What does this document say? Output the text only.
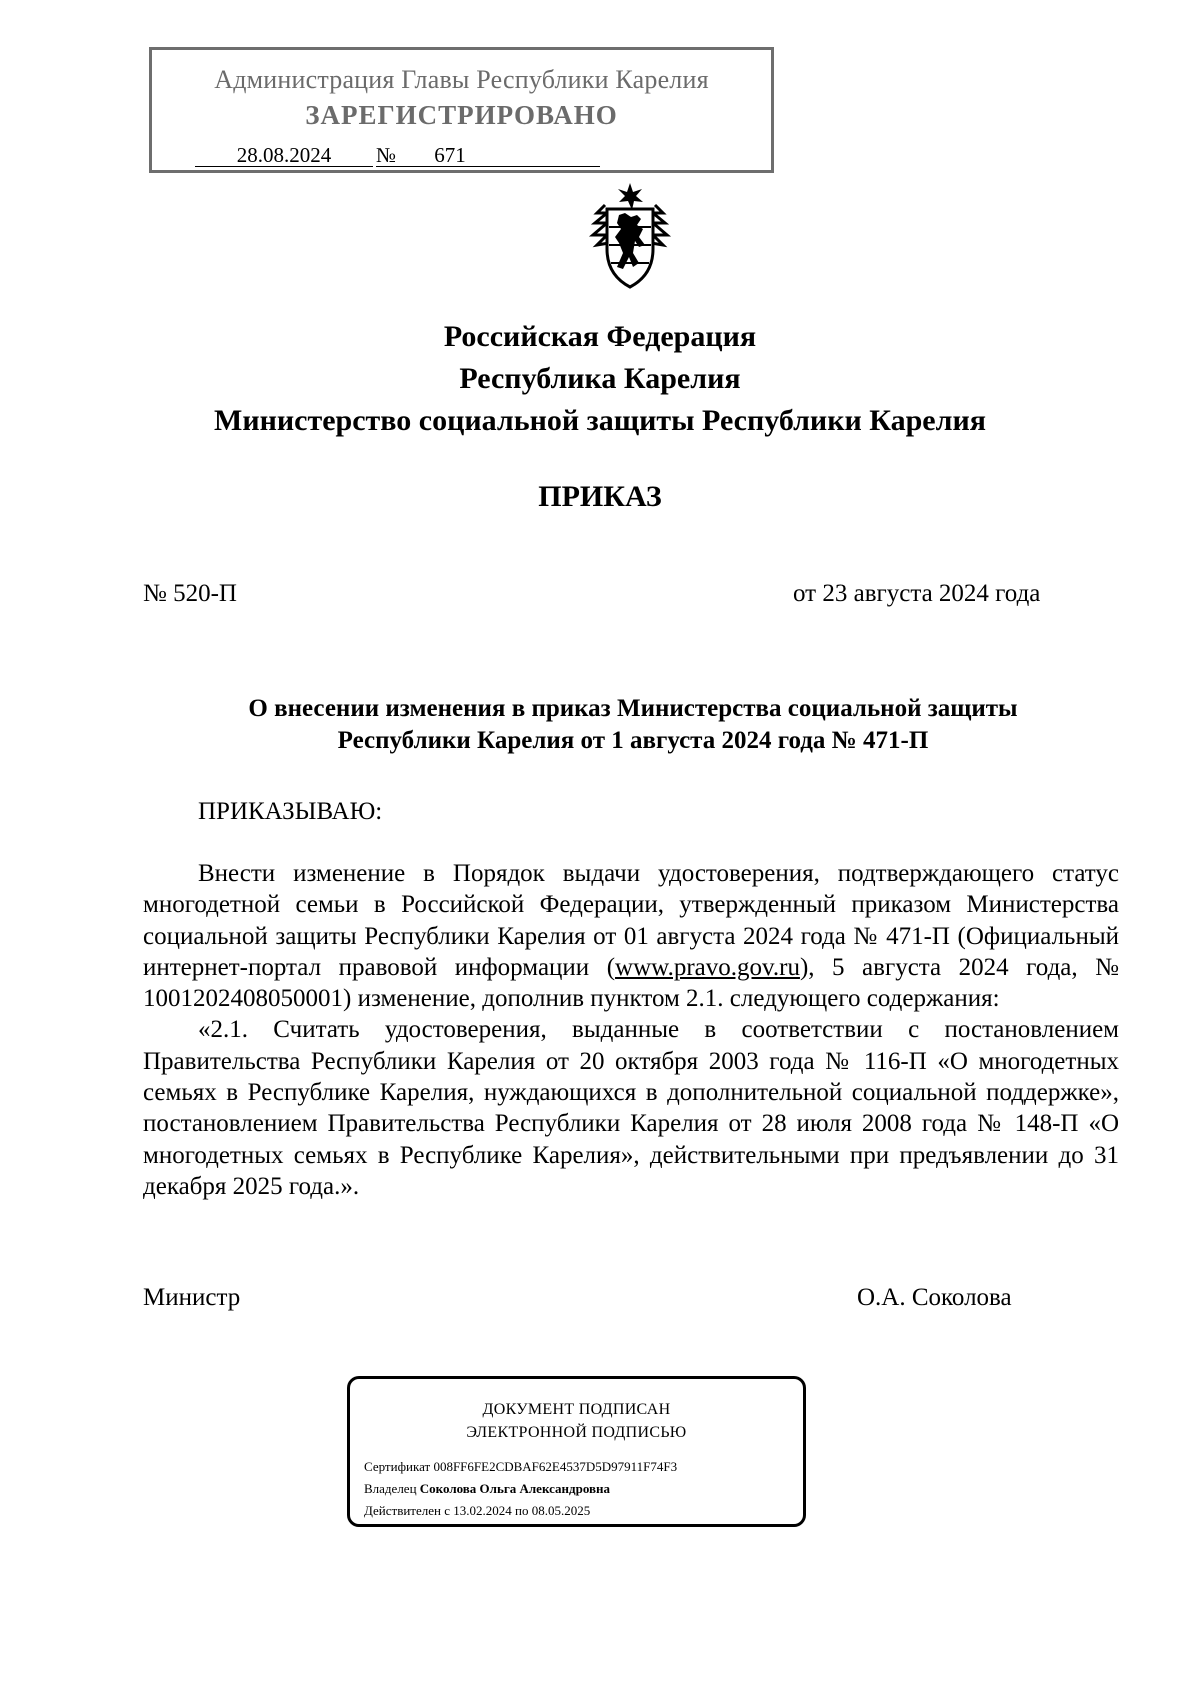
Администрация Главы Республики Карелия
ЗАРЕГИСТРИРОВАНО
28.08.2024	№	671
Российская Федерация
Республика Карелия
Министерство социальной защиты Республики Карелия
ПРИКАЗ
№ 520-П	от 23 августа 2024 года
О внесении изменения в приказ Министерства социальной защиты
Республики Карелия от 1 августа 2024 года № 471-П
ПРИКАЗЫВАЮ:

Внести изменение в Порядок выдачи удостоверения, подтверждающего статус многодетной семьи в Российской Федерации, утвержденный приказом Министерства социальной защиты Республики Карелия от 01 августа 2024 года № 471-П (Официальный интернет-портал правовой информации (www.pravo.gov.ru), 5 августа 2024 года, № 1001202408050001) изменение, дополнив пунктом 2.1. следующего содержания:

«2.1. Считать удостоверения, выданные в соответствии с постановлением Правительства Республики Карелия от 20 октября 2003 года № 116-П «О многодетных семьях в Республике Карелия, нуждающихся в дополнительной социальной поддержке», постановлением Правительства Республики Карелия от 28 июля 2008 года № 148-П «О многодетных семьях в Республике Карелия», действительными при предъявлении до 31 декабря 2025 года.».

Министр	О.А. Соколова
ДОКУМЕНТ ПОДПИСАН
ЭЛЕКТРОННОЙ ПОДПИСЬЮ
Сертификат 008FF6FE2CDBAF62E4537D5D97911F74F3
Владелец Соколова Ольга Александровна
Действителен с 13.02.2024 по 08.05.2025
